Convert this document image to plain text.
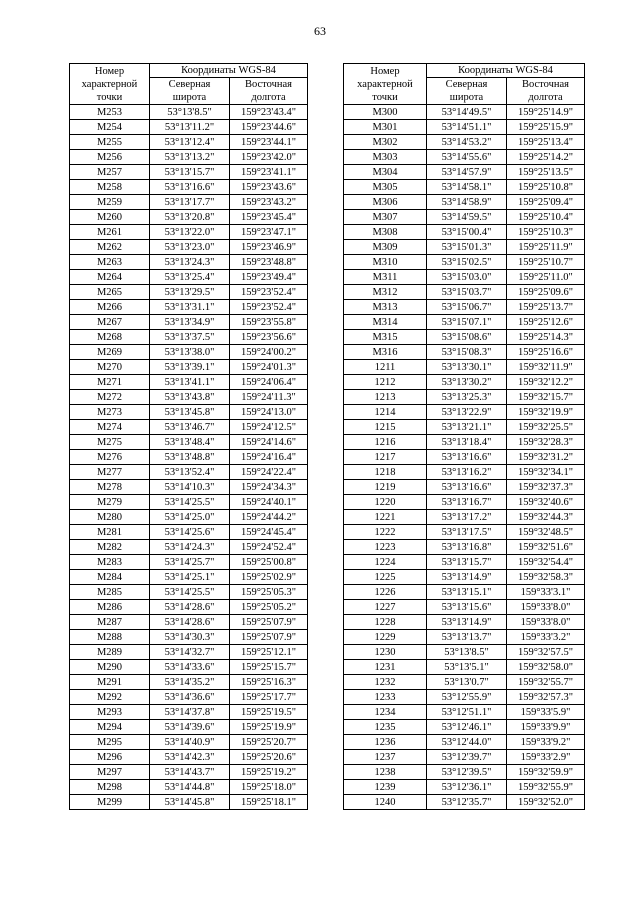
63
Номер
характерной
точки	Координаты WGS-84	
	Северная	Восточная
	широта	долгота
М253	53°13'8.5"	159°23'43.4"
М254	53°13'11.2"	159°23'44.6"
М255	53°13'12.4"	159°23'44.1"
М256	53°13'13.2"	159°23'42.0"
М257	53°13'15.7"	159°23'41.1"
М258	53°13'16.6"	159°23'43.6"
М259	53°13'17.7"	159°23'43.2"
М260	53°13'20.8"	159°23'45.4"
М261	53°13'22.0"	159°23'47.1"
М262	53°13'23.0"	159°23'46.9"
М263	53°13'24.3"	159°23'48.8"
М264	53°13'25.4"	159°23'49.4"
М265	53°13'29.5"	159°23'52.4"
М266	53°13'31.1"	159°23'52.4"
М267	53°13'34.9"	159°23'55.8"
М268	53°13'37.5"	159°23'56.6"
М269	53°13'38.0"	159°24'00.2"
М270	53°13'39.1"	159°24'01.3"
М271	53°13'41.1"	159°24'06.4"
М272	53°13'43.8"	159°24'11.3"
М273	53°13'45.8"	159°24'13.0"
М274	53°13'46.7"	159°24'12.5"
М275	53°13'48.4"	159°24'14.6"
М276	53°13'48.8"	159°24'16.4"
М277	53°13'52.4"	159°24'22.4"
М278	53°14'10.3"	159°24'34.3"
М279	53°14'25.5"	159°24'40.1"
М280	53°14'25.0"	159°24'44.2"
М281	53°14'25.6"	159°24'45.4"
М282	53°14'24.3"	159°24'52.4"
М283	53°14'25.7"	159°25'00.8"
М284	53°14'25.1"	159°25'02.9"
М285	53°14'25.5"	159°25'05.3"
М286	53°14'28.6"	159°25'05.2"
М287	53°14'28.6"	159°25'07.9"
М288	53°14'30.3"	159°25'07.9"
М289	53°14'32.7"	159°25'12.1"
М290	53°14'33.6"	159°25'15.7"
М291	53°14'35.2"	159°25'16.3"
М292	53°14'36.6"	159°25'17.7"
М293	53°14'37.8"	159°25'19.5"
М294	53°14'39.6"	159°25'19.9"
М295	53°14'40.9"	159°25'20.7"
М296	53°14'42.3"	159°25'20.6"
М297	53°14'43.7"	159°25'19.2"
М298	53°14'44.8"	159°25'18.0"
М299	53°14'45.8"	159°25'18.1"
Номер
характерной
точки	Координаты WGS-84	
	Северная	Восточная
	широта	долгота
М300	53°14'49.5"	159°25'14.9"
М301	53°14'51.1"	159°25'15.9"
М302	53°14'53.2"	159°25'13.4"
М303	53°14'55.6"	159°25'14.2"
М304	53°14'57.9"	159°25'13.5"
М305	53°14'58.1"	159°25'10.8"
М306	53°14'58.9"	159°25'09.4"
М307	53°14'59.5"	159°25'10.4"
М308	53°15'00.4"	159°25'10.3"
М309	53°15'01.3"	159°25'11.9"
М310	53°15'02.5"	159°25'10.7"
М311	53°15'03.0"	159°25'11.0"
М312	53°15'03.7"	159°25'09.6"
М313	53°15'06.7"	159°25'13.7"
М314	53°15'07.1"	159°25'12.6"
М315	53°15'08.6"	159°25'14.3"
М316	53°15'08.3"	159°25'16.6"
1211	53°13'30.1"	159°32'11.9"
1212	53°13'30.2"	159°32'12.2"
1213	53°13'25.3"	159°32'15.7"
1214	53°13'22.9"	159°32'19.9"
1215	53°13'21.1"	159°32'25.5"
1216	53°13'18.4"	159°32'28.3"
1217	53°13'16.6"	159°32'31.2"
1218	53°13'16.2"	159°32'34.1"
1219	53°13'16.6"	159°32'37.3"
1220	53°13'16.7"	159°32'40.6"
1221	53°13'17.2"	159°32'44.3"
1222	53°13'17.5"	159°32'48.5"
1223	53°13'16.8"	159°32'51.6"
1224	53°13'15.7"	159°32'54.4"
1225	53°13'14.9"	159°32'58.3"
1226	53°13'15.1"	159°33'3.1"
1227	53°13'15.6"	159°33'8.0"
1228	53°13'14.9"	159°33'8.0"
1229	53°13'13.7"	159°33'3.2"
1230	53°13'8.5"	159°32'57.5"
1231	53°13'5.1"	159°32'58.0"
1232	53°13'0.7"	159°32'55.7"
1233	53°12'55.9"	159°32'57.3"
1234	53°12'51.1"	159°33'5.9"
1235	53°12'46.1"	159°33'9.9"
1236	53°12'44.0"	159°33'9.2"
1237	53°12'39.7"	159°33'2.9"
1238	53°12'39.5"	159°32'59.9"
1239	53°12'36.1"	159°32'55.9"
1240	53°12'35.7"	159°32'52.0"
